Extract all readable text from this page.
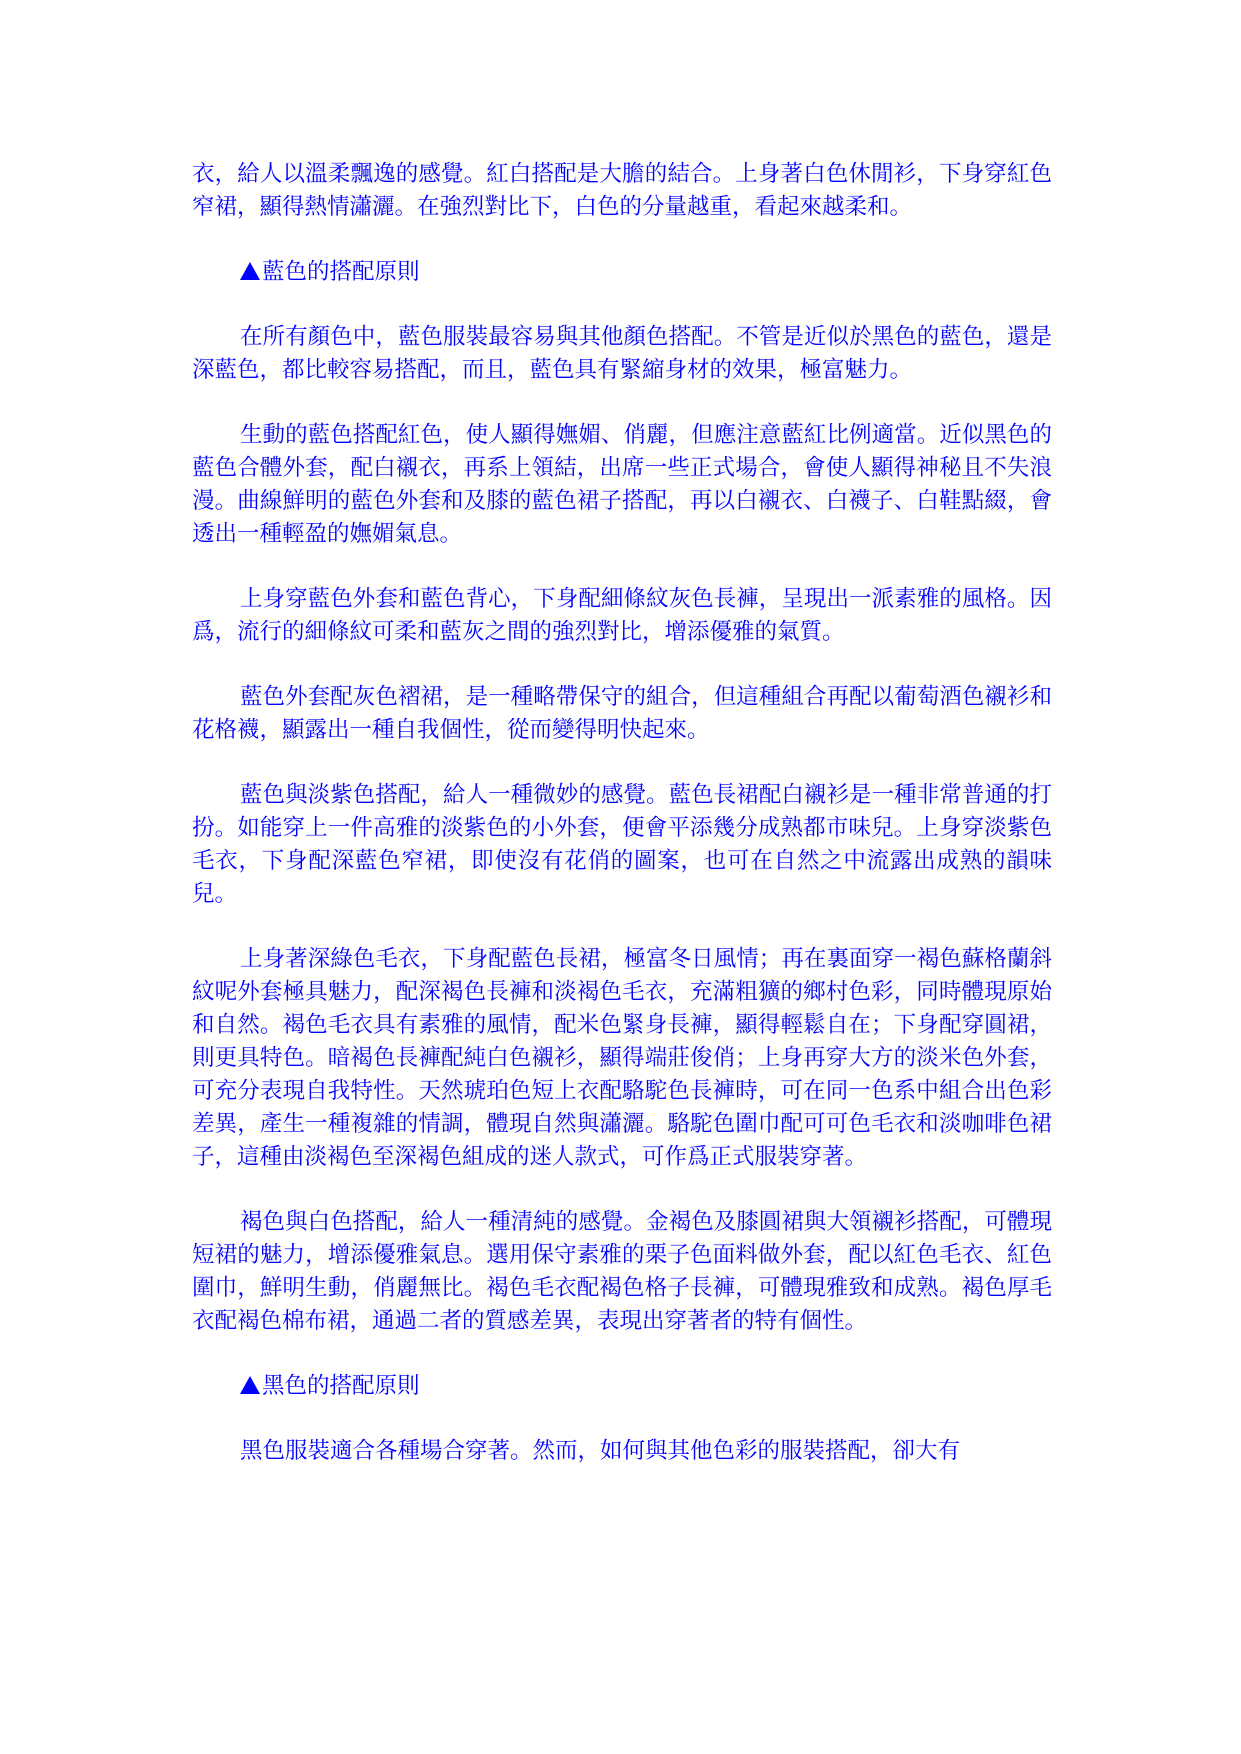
衣，給人以溫柔飄逸的感覺。紅白搭配是大膽的結合。上身著白色休閒衫，下身穿紅色窄裙，顯得熱情瀟灑。在強烈對比下，白色的分量越重，看起來越柔和。

藍色的搭配原則

在所有顏色中，藍色服裝最容易與其他顏色搭配。不管是近似於黑色的藍色，還是深藍色，都比較容易搭配，而且，藍色具有緊縮身材的效果，極富魅力。

生動的藍色搭配紅色，使人顯得嫵媚、俏麗，但應注意藍紅比例適當。近似黑色的藍色合體外套，配白襯衣，再系上領結，出席一些正式場合，會使人顯得神秘且不失浪漫。曲線鮮明的藍色外套和及膝的藍色裙子搭配，再以白襯衣、白襪子、白鞋點綴，會透出一種輕盈的嫵媚氣息。

上身穿藍色外套和藍色背心，下身配細條紋灰色長褲，呈現出一派素雅的風格。因爲，流行的細條紋可柔和藍灰之間的強烈對比，增添優雅的氣質。

藍色外套配灰色褶裙，是一種略帶保守的組合，但這種組合再配以葡萄酒色襯衫和花格襪，顯露出一種自我個性，從而變得明快起來。

藍色與淡紫色搭配，給人一種微妙的感覺。藍色長裙配白襯衫是一種非常普通的打扮。如能穿上一件高雅的淡紫色的小外套，便會平添幾分成熟都市味兒。上身穿淡紫色毛衣，下身配深藍色窄裙，即使沒有花俏的圖案，也可在自然之中流露出成熟的韻味兒。

上身著深綠色毛衣，下身配藍色長裙，極富冬日風情；再在裏面穿一褐色蘇格蘭斜紋呢外套極具魅力，配深褐色長褲和淡褐色毛衣，充滿粗獷的鄉村色彩，同時體現原始和自然。褐色毛衣具有素雅的風情，配米色緊身長褲，顯得輕鬆自在；下身配穿圓裙，則更具特色。暗褐色長褲配純白色襯衫，顯得端莊俊俏；上身再穿大方的淡米色外套，可充分表現自我特性。天然琥珀色短上衣配駱駝色長褲時，可在同一色系中組合出色彩差異，產生一種複雜的情調，體現自然與瀟灑。駱駝色圍巾配可可色毛衣和淡咖啡色裙子，這種由淡褐色至深褐色組成的迷人款式，可作爲正式服裝穿著。

褐色與白色搭配，給人一種清純的感覺。金褐色及膝圓裙與大領襯衫搭配，可體現短裙的魅力，增添優雅氣息。選用保守素雅的栗子色面料做外套，配以紅色毛衣、紅色圍巾，鮮明生動，俏麗無比。褐色毛衣配褐色格子長褲，可體現雅致和成熟。褐色厚毛衣配褐色棉布裙，通過二者的質感差異，表現出穿著者的特有個性。

黑色的搭配原則

黑色服裝適合各種場合穿著。然而，如何與其他色彩的服裝搭配，卻大有
